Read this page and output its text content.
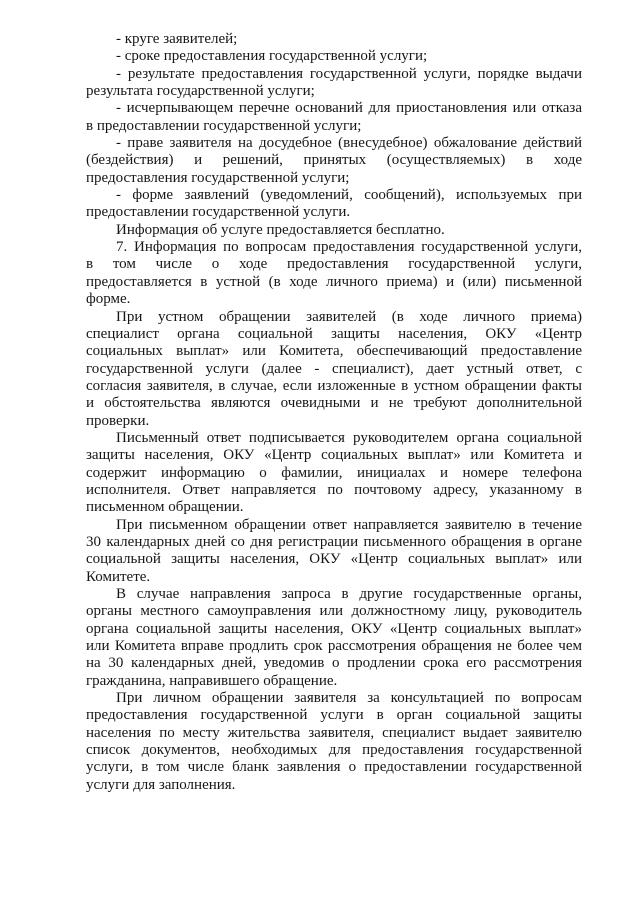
- круге заявителей;
- сроке предоставления государственной услуги;
- результате предоставления государственной услуги, порядке выдачи
результата государственной услуги;
- исчерпывающем перечне оснований для приостановления или отказа
в предоставлении государственной услуги;
- праве заявителя на досудебное (внесудебное) обжалование действий
(бездействия) и решений, принятых (осуществляемых) в ходе
предоставления государственной услуги;
- форме заявлений (уведомлений, сообщений), используемых при
предоставлении государственной услуги.
Информация об услуге предоставляется бесплатно.
7. Информация по вопросам предоставления государственной услуги,
в том числе о ходе предоставления государственной услуги,
предоставляется в устной (в ходе личного приема) и (или) письменной
форме.
При устном обращении заявителей (в ходе личного приема)
специалист органа социальной защиты населения, ОКУ «Центр
социальных выплат» или Комитета, обеспечивающий предоставление
государственной услуги (далее - специалист), дает устный ответ, с
согласия заявителя, в случае, если изложенные в устном обращении факты
и обстоятельства являются очевидными и не требуют дополнительной
проверки.
Письменный ответ подписывается руководителем органа социальной
защиты населения, ОКУ «Центр социальных выплат» или Комитета и
содержит информацию о фамилии, инициалах и номере телефона
исполнителя. Ответ направляется по почтовому адресу, указанному в
письменном обращении.
При письменном обращении ответ направляется заявителю в течение
30 календарных дней со дня регистрации письменного обращения в органе
социальной защиты населения, ОКУ «Центр социальных выплат» или
Комитете.
В случае направления запроса в другие государственные органы,
органы местного самоуправления или должностному лицу, руководитель
органа социальной защиты населения, ОКУ «Центр социальных выплат»
или Комитета вправе продлить срок рассмотрения обращения не более чем
на 30 календарных дней, уведомив о продлении срока его рассмотрения
гражданина, направившего обращение.
При личном обращении заявителя за консультацией по вопросам
предоставления государственной услуги в орган социальной защиты
населения по месту жительства заявителя, специалист выдает заявителю
список документов, необходимых для предоставления государственной
услуги, в том числе бланк заявления о предоставлении государственной
услуги для заполнения.
